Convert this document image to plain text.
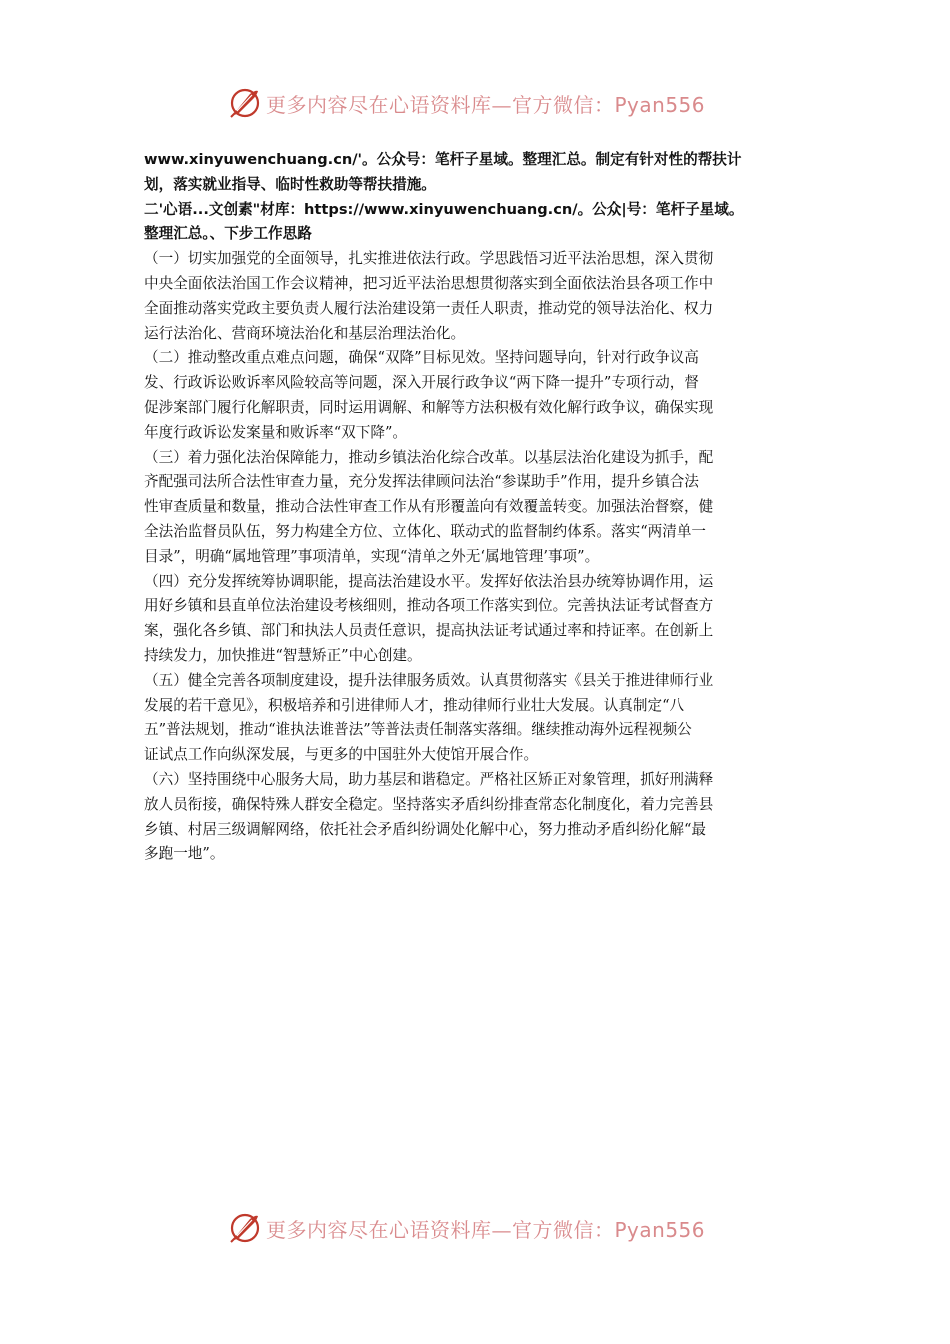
更多内容尽在心语资料库—官方微信：Pyan556
www.xinyuwenchuang.cn/'。公众号：笔杆子星域。整理汇总。制定有针对性的帮扶计
划，落实就业指导、临时性救助等帮扶措施。
二'心语...文创素"材库：https://www.xinyuwenchuang.cn/。公众|号：笔杆子星域。
整理汇总。、下步工作思路
（一）切实加强党的全面领导，扎实推进依法行政。学思践悟习近平法治思想，深入贯彻
中央全面依法治国工作会议精神，把习近平法治思想贯彻落实到全面依法治县各项工作中
全面推动落实党政主要负责人履行法治建设第一责任人职责，推动党的领导法治化、权力
运行法治化、营商环境法治化和基层治理法治化。
（二）推动整改重点难点问题，确保“双降”目标见效。坚持问题导向，针对行政争议高
发、行政诉讼败诉率风险较高等问题，深入开展行政争议“两下降一提升”专项行动，督
促涉案部门履行化解职责，同时运用调解、和解等方法积极有效化解行政争议，确保实现
年度行政诉讼发案量和败诉率“双下降”。
（三）着力强化法治保障能力，推动乡镇法治化综合改革。以基层法治化建设为抓手，配
齐配强司法所合法性审查力量，充分发挥法律顾问法治“参谋助手”作用，提升乡镇合法
性审查质量和数量，推动合法性审查工作从有形覆盖向有效覆盖转变。加强法治督察，健
全法治监督员队伍，努力构建全方位、立体化、联动式的监督制约体系。落实“两清单一
目录”，明确“属地管理”事项清单，实现“清单之外无‘属地管理’事项”。
（四）充分发挥统筹协调职能，提高法治建设水平。发挥好依法治县办统筹协调作用，运
用好乡镇和县直单位法治建设考核细则，推动各项工作落实到位。完善执法证考试督查方
案，强化各乡镇、部门和执法人员责任意识，提高执法证考试通过率和持证率。在创新上
持续发力，加快推进“智慧矫正”中心创建。
（五）健全完善各项制度建设，提升法律服务质效。认真贯彻落实《县关于推进律师行业
发展的若干意见》，积极培养和引进律师人才，推动律师行业壮大发展。认真制定“八
五”普法规划，推动“谁执法谁普法”等普法责任制落实落细。继续推动海外远程视频公
证试点工作向纵深发展，与更多的中国驻外大使馆开展合作。
（六）坚持围绕中心服务大局，助力基层和谐稳定。严格社区矫正对象管理，抓好刑满释
放人员衔接，确保特殊人群安全稳定。坚持落实矛盾纠纷排查常态化制度化，着力完善县
乡镇、村居三级调解网络，依托社会矛盾纠纷调处化解中心，努力推动矛盾纠纷化解“最
多跑一地”。
更多内容尽在心语资料库—官方微信：Pyan556
